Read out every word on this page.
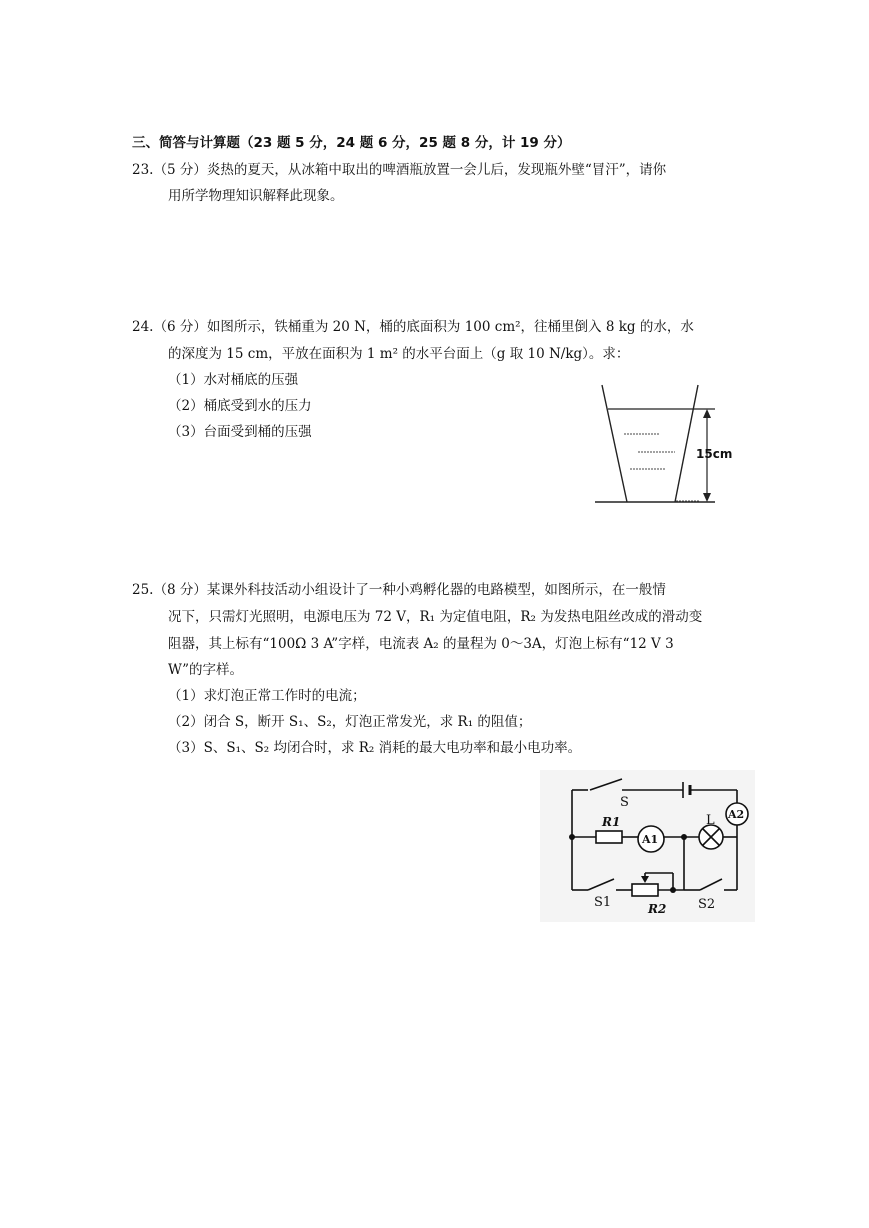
三、简答与计算题（23 题 5 分，24 题 6 分，25 题 8 分，计 19 分）
23.（5 分）炎热的夏天，从冰箱中取出的啤酒瓶放置一会儿后，发现瓶外壁“冒汗”，请你
用所学物理知识解释此现象。
24.（6 分）如图所示，铁桶重为 20 N，桶的底面积为 100 cm²，往桶里倒入 8 kg 的水，水
的深度为 15 cm，平放在面积为 1 m² 的水平台面上（g 取 10 N/kg）。求：
（1）水对桶底的压强
（2）桶底受到水的压力
（3）台面受到桶的压强
15cm
25.（8 分）某课外科技活动小组设计了一种小鸡孵化器的电路模型，如图所示，在一般情
况下，只需灯光照明，电源电压为 72 V，R₁ 为定值电阻，R₂ 为发热电阻丝改成的滑动变
阻器，其上标有“100Ω 3 A”字样，电流表 A₂ 的量程为 0～3A，灯泡上标有“12 V 3
W”的字样。
（1）求灯泡正常工作时的电流；
（2）闭合 S，断开 S₁、S₂，灯泡正常发光，求 R₁ 的阻值；
（3）S、S₁、S₂ 均闭合时，求 R₂ 消耗的最大电功率和最小电功率。
S
R1
A1
L A2
S1	R2 S2
